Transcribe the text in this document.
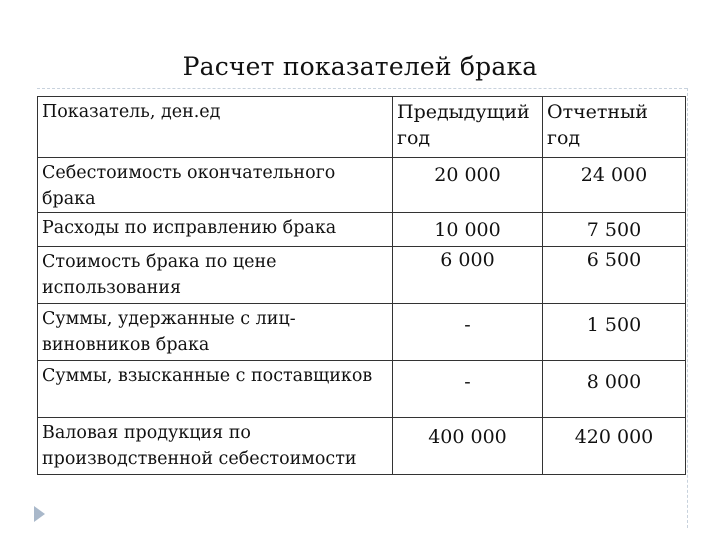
Расчет показателей брака
Показатель, ден.ед	Предыдущий год	Отчетный год
Себестоимость окончательного брака	20 000	24 000
Расходы по исправлению брака	10 000	7 500
Стоимость брака по цене использования	6 000	6 500
Суммы, удержанные с лиц-виновников брака	-	1 500
Суммы, взысканные с поставщиков	-	8 000
Валовая продукция по производственной себестоимости	400 000	420 000
